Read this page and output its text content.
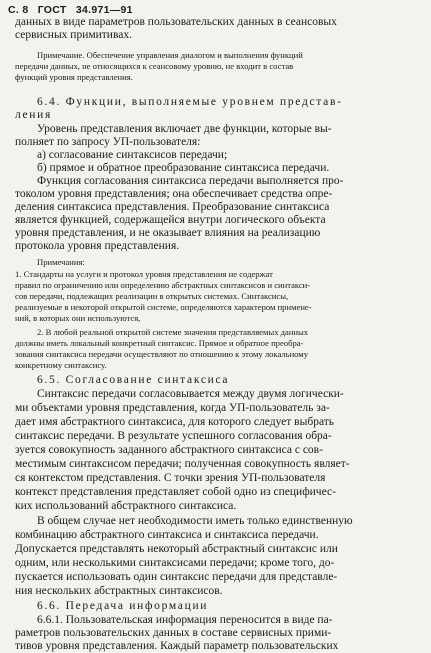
С. 8 ГОСТ 34.971—91
данных в виде параметров пользовательских данных в сеансовых
сервисных примитивах.
Примечание. Обеспечение управления диалогом и выполнения функций
передачи данных, не относящихся к сеансовому уровню, не входит в состав
функций уровня представления.
6.4. Функции, выполняемые уровнем представ-
ления
Уровень представления включает две функции, которые вы-
полняет по запросу УП-пользователя:
а) согласование синтаксисов передачи;
б) прямое и обратное преобразование синтаксиса передачи.
Функция согласования синтаксиса передачи выполняется про-
токолом уровня представления; она обеспечивает средства опре-
деления синтаксиса представления. Преобразование синтаксиса
является функцией, содержащейся внутри логического объекта
уровня представления, и не оказывает влияния на реализацию
протокола уровня представления.
Примечания:
1. Стандарты на услуги и протокол уровня представления не содержат
правил по ограничению или определению абстрактных синтаксисов и синтакси-
сов передачи, подлежащих реализации в открытых системах. Синтаксисы,
реализуемые в некоторой открытой системе, определяются характером примене-
ний, в которых они используются,
2. В любой реальной открытой системе значения представляемых данных
должны иметь локальный конкретный синтаксис. Прямое и обратное преобра-
зования синтаксиса передачи осуществляют по отношению к этому локальному
конкретному синтаксису.
6.5. Согласование синтаксиса
Синтаксис передачи согласовывается между двумя логически-
ми объектами уровня представления, когда УП-пользователь за-
дает имя абстрактного синтаксиса, для которого следует выбрать
синтаксис передачи. В результате успешного согласования обра-
зуется совокупность заданного абстрактного синтаксиса с сов-
местимым синтаксисом передачи; полученная совокупность являет-
ся контекстом представления. С точки зрения УП-пользователя
контекст представления представляет собой одно из специфичес-
ких использований абстрактного синтаксиса.
В общем случае нет необходимости иметь только единственную
комбинацию абстрактного синтаксиса и синтаксиса передачи.
Допускается представлять некоторый абстрактный синтаксис или
одним, или несколькими синтаксисами передачи; кроме того, до-
пускается использовать один синтаксис передачи для представле-
ния нескольких абстрактных синтаксисов.
6.6. Передача информации
6.6.1. Пользовательская информация переносится в виде па-
раметров пользовательских данных в составе сервисных прими-
тивов уровня представления. Каждый параметр пользовательских
